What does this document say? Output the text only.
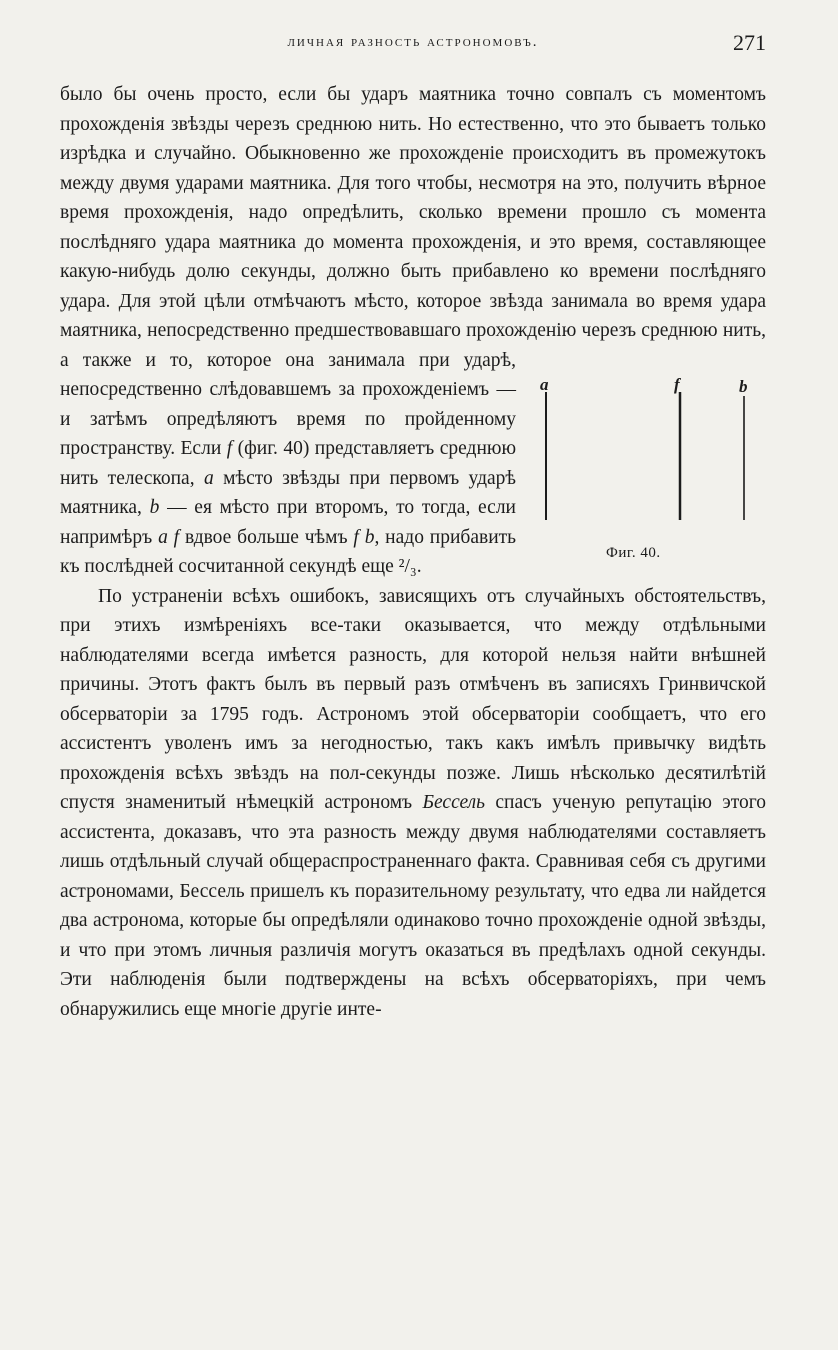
личная разность астрономовъ.	271

было бы очень просто, если бы ударъ маятника точно совпалъ съ моментомъ прохожденія звѣзды черезъ среднюю нить. Но естественно, что это бываетъ только изрѣдка и случайно. Обыкновенно же прохожденіе происходитъ въ промежутокъ между двумя ударами маятника. Для того чтобы, несмотря на это, получить вѣрное время прохожденія, надо опредѣлить, сколько времени прошло съ момента послѣдняго удара маятника до момента прохожденія, и это время, составляющее какую-нибудь долю секунды, должно быть прибавлено ко времени послѣдняго удара. Для этой цѣли отмѣчаютъ мѣсто, которое звѣзда занимала во время удара маятника, непосредственно предшествовавшаго прохожденію черезъ среднюю нить,
a	f	b
Фиг. 40.
а также и то, которое она занимала при ударѣ, непосредственно слѣдовавшемъ за прохожденіемъ — и затѣмъ опредѣляютъ время по пройденному пространству. Если f (фиг. 40) представляетъ среднюю нить телескопа, a мѣсто звѣзды при первомъ ударѣ маятника, b — ея мѣсто при второмъ, то тогда, если напримѣръ a f вдвое больше чѣмъ f b, надо прибавить къ послѣдней сосчитанной секундѣ еще ²/₃.

По устраненіи всѣхъ ошибокъ, зависящихъ отъ случайныхъ обстоятельствъ, при этихъ измѣреніяхъ все-таки оказывается, что между отдѣльными наблюдателями всегда имѣется разность, для которой нельзя найти внѣшней причины. Этотъ фактъ былъ въ первый разъ отмѣченъ въ записяхъ Гринвичской обсерваторіи за 1795 годъ. Астрономъ этой обсерваторіи сообщаетъ, что его ассистентъ уволенъ имъ за негодностью, такъ какъ имѣлъ привычку видѣть прохожденія всѣхъ звѣздъ на пол-секунды позже. Лишь нѣсколько десятилѣтій спустя знаменитый нѣмецкій астрономъ Бессель спасъ ученую репутацію этого ассистента, доказавъ, что эта разность между двумя наблюдателями составляетъ лишь отдѣльный случай общераспространеннаго факта. Сравнивая себя съ другими астрономами, Бессель пришелъ къ поразительному результату, что едва ли найдется два астронома, которые бы опредѣляли одинаково точно прохожденіе одной звѣзды, и что при этомъ личныя различія могутъ оказаться въ предѣлахъ одной секунды. Эти наблюденія были подтверждены на всѣхъ обсерваторіяхъ, при чемъ обнаружились еще многіе другіе инте-
